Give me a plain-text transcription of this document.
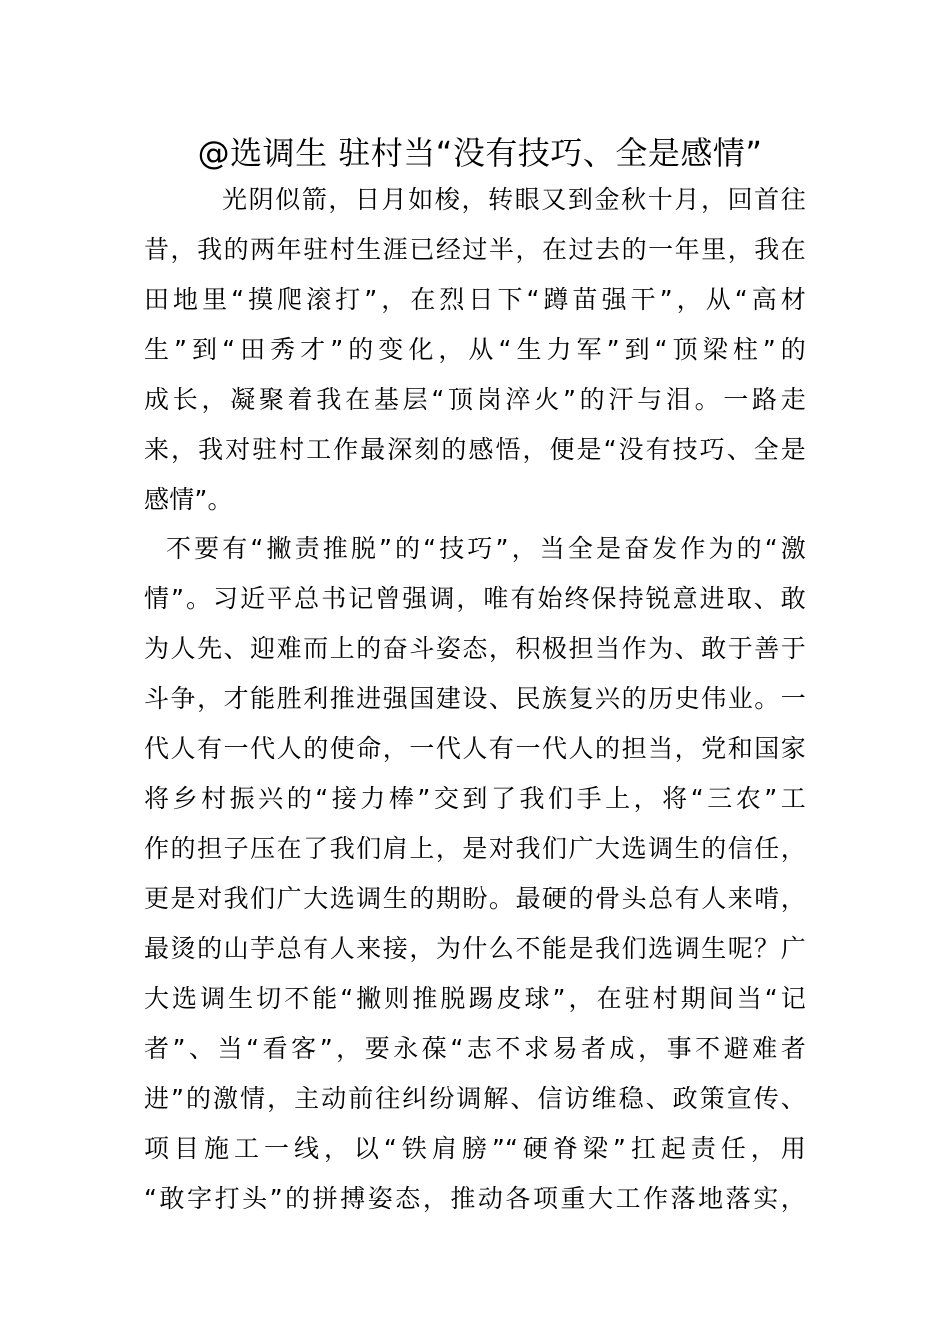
@选调生 驻村当“没有技巧、全是感情”
光阴似箭，日月如梭，转眼又到金秋十月，回首往
昔，我的两年驻村生涯已经过半，在过去的一年里，我在
田地里“摸爬滚打”，在烈日下“蹲苗强干”，从“高材
生”到“田秀才”的变化，从“生力军”到“顶梁柱”的
成长，凝聚着我在基层“顶岗淬火”的汗与泪。一路走
来，我对驻村工作最深刻的感悟，便是“没有技巧、全是
感情”。
不要有“撇责推脱”的“技巧”，当全是奋发作为的“激
情”。习近平总书记曾强调，唯有始终保持锐意进取、敢
为人先、迎难而上的奋斗姿态，积极担当作为、敢于善于
斗争，才能胜利推进强国建设、民族复兴的历史伟业。一
代人有一代人的使命，一代人有一代人的担当，党和国家
将乡村振兴的“接力棒”交到了我们手上，将“三农”工
作的担子压在了我们肩上，是对我们广大选调生的信任，
更是对我们广大选调生的期盼。最硬的骨头总有人来啃，
最烫的山芋总有人来接，为什么不能是我们选调生呢？广
大选调生切不能“撇则推脱踢皮球”，在驻村期间当“记
者”、当“看客”，要永葆“志不求易者成，事不避难者
进”的激情，主动前往纠纷调解、信访维稳、政策宣传、
项目施工一线，以“铁肩膀”“硬脊梁”扛起责任，用
“敢字打头”的拼搏姿态，推动各项重大工作落地落实，
